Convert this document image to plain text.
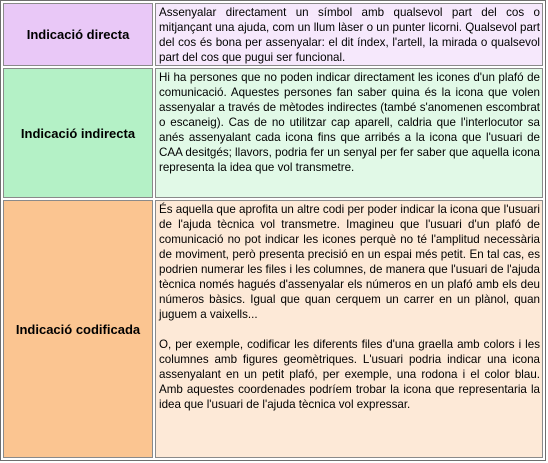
Indicació directa	Assenyalar directament un símbol amb qualsevol part del cos o mitjançant una ajuda, com un llum làser o un punter licorni. Qualsevol part del cos és bona per assenyalar: el dit índex, l'artell, la mirada o qualsevol part del cos que pugui ser funcional.

Indicació indirecta	Hi ha persones que no poden indicar directament les icones d'un plafó de comunicació. Aquestes persones fan saber quina és la icona que volen assenyalar a través de mètodes indirectes (també s'anomenen escombrat o escaneig). Cas de no utilitzar cap aparell, caldria que l'interlocutor sa anés assenyalant cada icona fins que arribés a la icona que l'usuari de CAA desitgés; llavors, podria fer un senyal per fer saber que aquella icona representa la idea que vol transmetre.

Indicació codificada	És aquella que aprofita un altre codi per poder indicar la icona que l'usuari de l'ajuda tècnica vol transmetre. Imagineu que l'usuari d'un plafó de comunicació no pot indicar les icones perquè no té l'amplitud necessària de moviment, però presenta precisió en un espai més petit. En tal cas, es podrien numerar les files i les columnes, de manera que l'usuari de l'ajuda tècnica només hagués d'assenyalar els números en un plafó amb els deu números bàsics. Igual que quan cerquem un carrer en un plànol, quan juguem a vaixells...
O, per exemple, codificar les diferents files d'una graella amb colors i les columnes amb figures geomètriques. L'usuari podria indicar una icona assenyalant en un petit plafó, per exemple, una rodona i el color blau. Amb aquestes coordenades podríem trobar la icona que representaria la idea que l'usuari de l'ajuda tècnica vol expressar.
